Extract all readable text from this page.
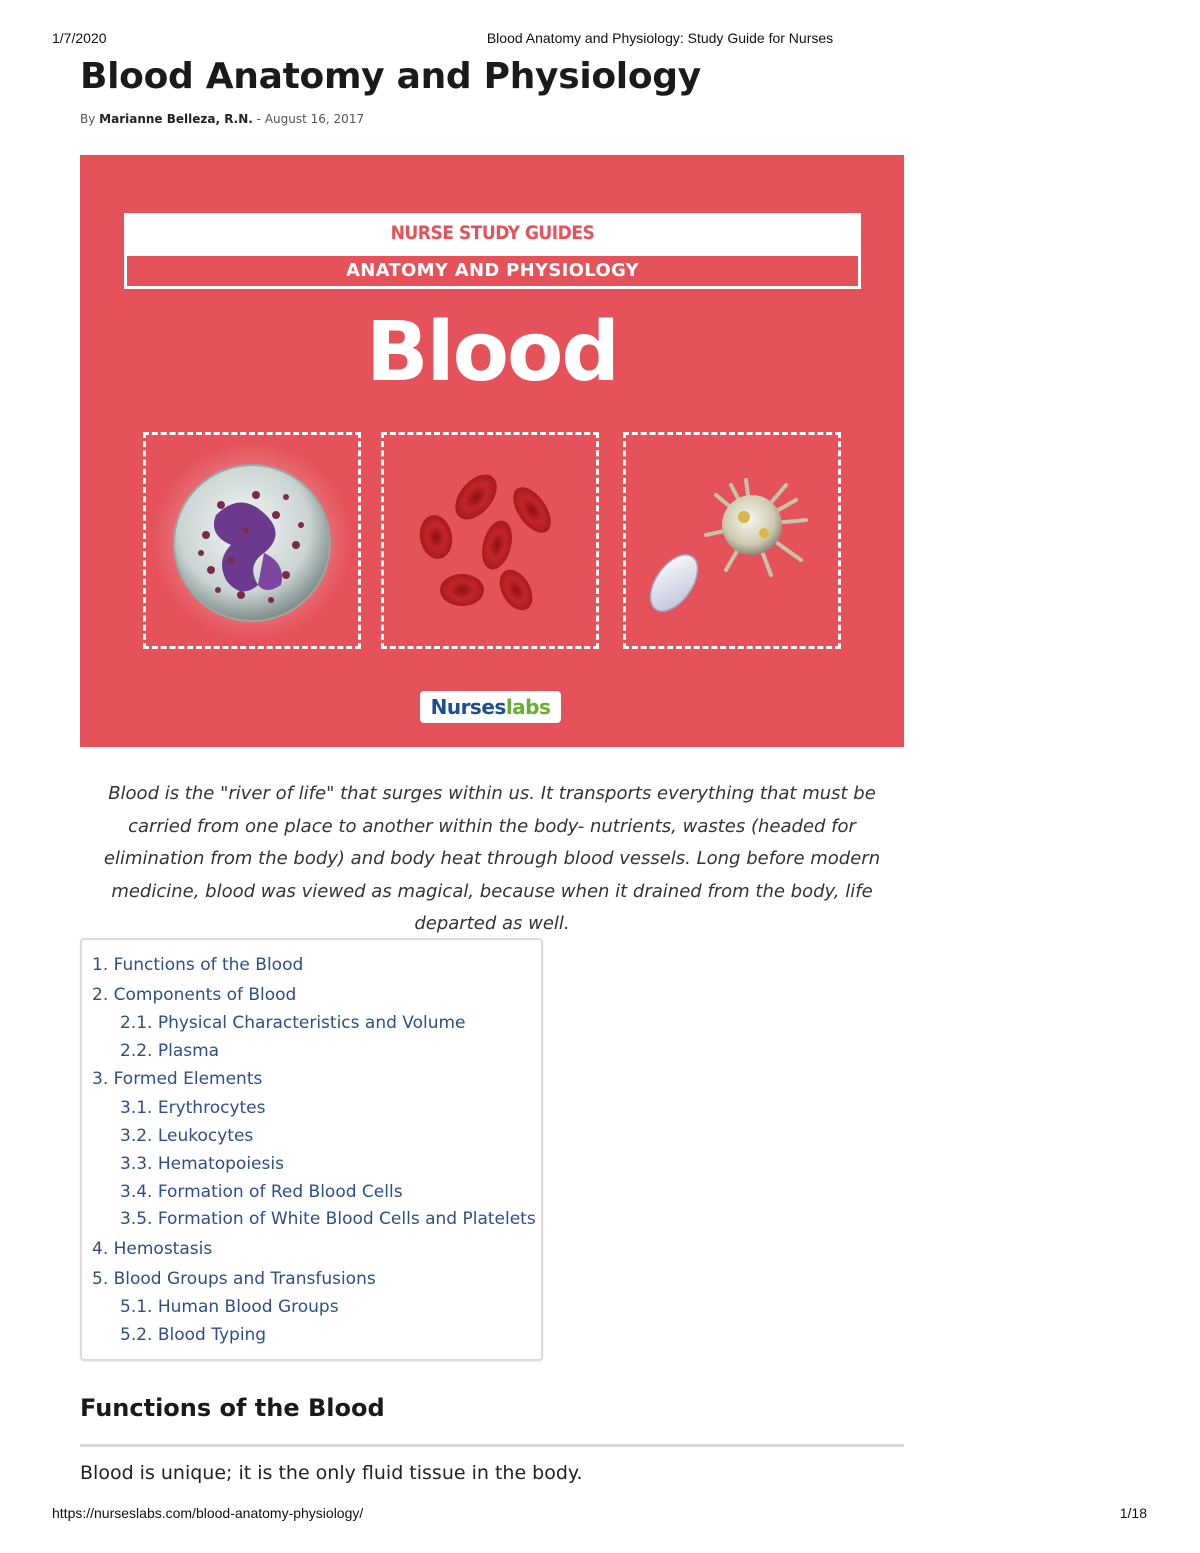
1/7/2020	Blood Anatomy and Physiology: Study Guide for Nurses
Blood Anatomy and Physiology
By Marianne Belleza, R.N. - August 16, 2017
NURSE STUDY GUIDES
ANATOMY AND PHYSIOLOGY
Blood
Nurseslabs

Blood is the "river of life" that surges within us. It transports everything that must be carried from one place to another within the body- nutrients, wastes (headed for elimination from the body) and body heat through blood vessels. Long before modern medicine, blood was viewed as magical, because when it drained from the body, life departed as well.

1. Functions of the Blood
2. Components of Blood
2.1. Physical Characteristics and Volume
2.2. Plasma
3. Formed Elements
3.1. Erythrocytes
3.2. Leukocytes
3.3. Hematopoiesis
3.4. Formation of Red Blood Cells
3.5. Formation of White Blood Cells and Platelets
4. Hemostasis
5. Blood Groups and Transfusions
5.1. Human Blood Groups
5.2. Blood Typing
Functions of the Blood

Blood is unique; it is the only fluid tissue in the body.

https://nurseslabs.com/blood-anatomy-physiology/	1/18
